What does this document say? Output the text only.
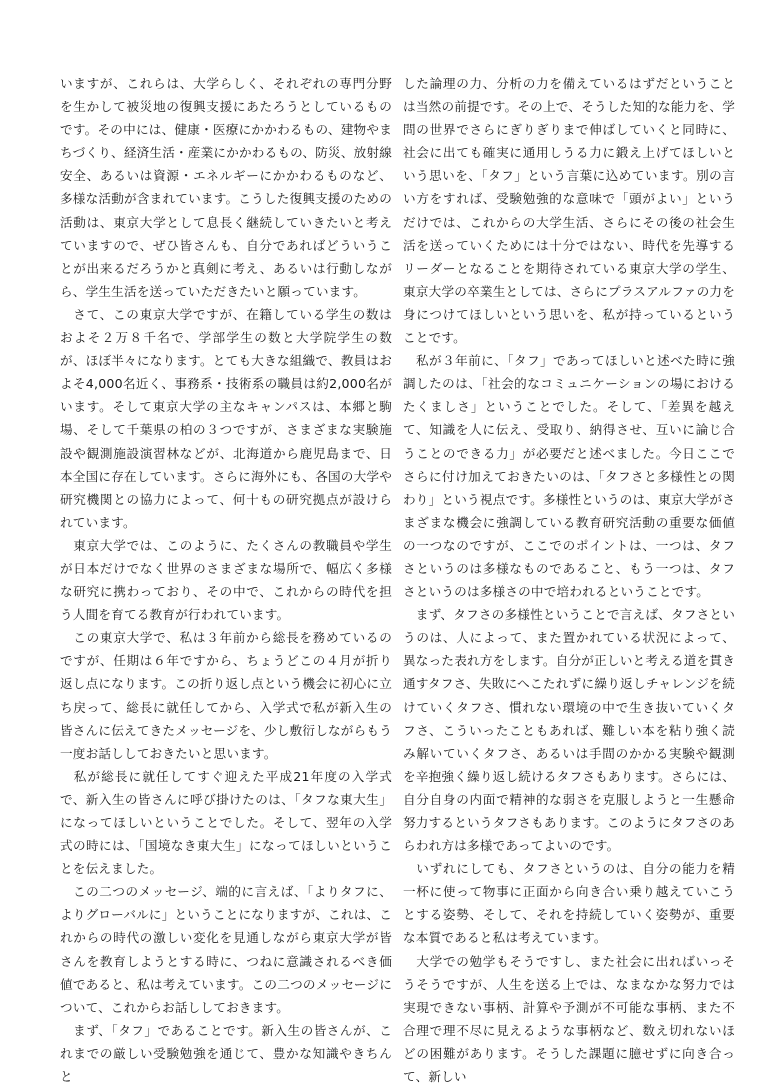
いますが、これらは、大学らしく、それぞれの専門分野を生かして被災地の復興支援にあたろうとしているものです。その中には、健康・医療にかかわるもの、建物やまちづくり、経済生活・産業にかかわるもの、防災、放射線安全、あるいは資源・エネルギーにかかわるものなど、多様な活動が含まれています。こうした復興支援のための活動は、東京大学として息長く継続していきたいと考えていますので、ぜひ皆さんも、自分であればどういうことが出来るだろうかと真剣に考え、あるいは行動しながら、学生生活を送っていただきたいと願っています。

　さて、この東京大学ですが、在籍している学生の数はおよそ２万８千名で、学部学生の数と大学院学生の数が、ほぼ半々になります。とても大きな組織で、教員はおよそ4,000名近く、事務系・技術系の職員は約2,000名がいます。そして東京大学の主なキャンパスは、本郷と駒場、そして千葉県の柏の３つですが、さまざまな実験施設や観測施設演習林などが、北海道から鹿児島まで、日本全国に存在しています。さらに海外にも、各国の大学や研究機関との協力によって、何十もの研究拠点が設けられています。

　東京大学では、このように、たくさんの教職員や学生が日本だけでなく世界のさまざまな場所で、幅広く多様な研究に携わっており、その中で、これからの時代を担う人間を育てる教育が行われています。

　この東京大学で、私は３年前から総長を務めているのですが、任期は６年ですから、ちょうどこの４月が折り返し点になります。この折り返し点という機会に初心に立ち戻って、総長に就任してから、入学式で私が新入生の皆さんに伝えてきたメッセージを、少し敷衍しながらもう一度お話ししておきたいと思います。

　私が総長に就任してすぐ迎えた平成21年度の入学式で、新入生の皆さんに呼び掛けたのは、「タフな東大生」になってほしいということでした。そして、翌年の入学式の時には、「国境なき東大生」になってほしいということを伝えました。

　この二つのメッセージ、端的に言えば、「よりタフに、よりグローバルに」ということになりますが、これは、これからの時代の激しい変化を見通しながら東京大学が皆さんを教育しようとする時に、つねに意識されるべき価値であると、私は考えています。この二つのメッセージについて、これからお話ししておきます。

　まず、「タフ」であることです。新入生の皆さんが、これまでの厳しい受験勉強を通じて、豊かな知識やきちんと

した論理の力、分析の力を備えているはずだということは当然の前提です。その上で、そうした知的な能力を、学問の世界でさらにぎりぎりまで伸ばしていくと同時に、社会に出ても確実に通用しうる力に鍛え上げてほしいという思いを、「タフ」という言葉に込めています。別の言い方をすれば、受験勉強的な意味で「頭がよい」というだけでは、これからの大学生活、さらにその後の社会生活を送っていくためには十分ではない、時代を先導するリーダーとなることを期待されている東京大学の学生、東京大学の卒業生としては、さらにプラスアルファの力を身につけてほしいという思いを、私が持っているということです。

　私が３年前に、「タフ」であってほしいと述べた時に強調したのは、「社会的なコミュニケーションの場におけるたくましさ」ということでした。そして、「差異を越えて、知識を人に伝え、受取り、納得させ、互いに論じ合うことのできる力」が必要だと述べました。今日ここでさらに付け加えておきたいのは、「タフさと多様性との関わり」という視点です。多様性というのは、東京大学がさまざまな機会に強調している教育研究活動の重要な価値の一つなのですが、ここでのポイントは、一つは、タフさというのは多様なものであること、もう一つは、タフさというのは多様さの中で培われるということです。

　まず、タフさの多様性ということで言えば、タフさというのは、人によって、また置かれている状況によって、異なった表れ方をします。自分が正しいと考える道を貫き通すタフさ、失敗にへこたれずに繰り返しチャレンジを続けていくタフさ、慣れない環境の中で生き抜いていくタフさ、こういったこともあれば、難しい本を粘り強く読み解いていくタフさ、あるいは手間のかかる実験や観測を辛抱強く繰り返し続けるタフさもあります。さらには、自分自身の内面で精神的な弱さを克服しようと一生懸命努力するというタフさもあります。このようにタフさのあらわれ方は多様であってよいのです。

　いずれにしても、タフさというのは、自分の能力を精一杯に使って物事に正面から向き合い乗り越えていこうとする姿勢、そして、それを持続していく姿勢が、重要な本質であると私は考えています。

　大学での勉学もそうですし、また社会に出ればいっそうそうですが、人生を送る上では、なまなかな努力では実現できない事柄、計算や予測が不可能な事柄、また不合理で理不尽に見えるような事柄など、数え切れないほどの困難があります。そうした課題に臆せずに向き合って、新しい
